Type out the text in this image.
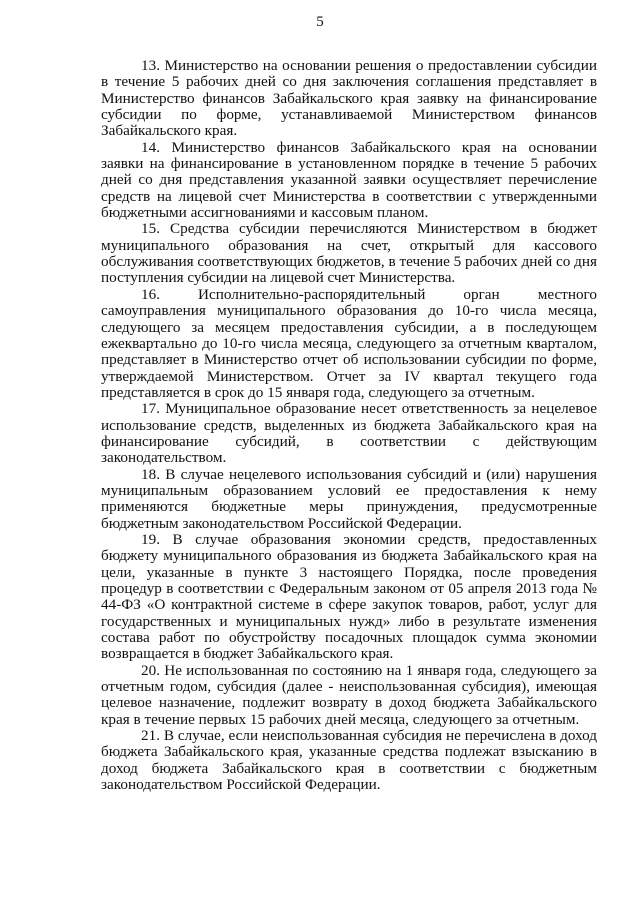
5

13. Министерство на основании решения о предоставлении субсидии в течение 5 рабочих дней со дня заключения соглашения представляет в Министерство финансов Забайкальского края заявку на финансирование субсидии по форме, устанавливаемой Министерством финансов Забайкальского края.

14. Министерство финансов Забайкальского края на основании заявки на финансирование в установленном порядке в течение 5 рабочих дней со дня представления указанной заявки осуществляет перечисление средств на лицевой счет Министерства в соответствии с утвержденными бюджетными ассигнованиями и кассовым планом.

15. Средства субсидии перечисляются Министерством в бюджет муниципального образования на счет, открытый для кассового обслуживания соответствующих бюджетов, в течение 5 рабочих дней со дня поступления субсидии на лицевой счет Министерства.

16. Исполнительно-распорядительный орган местного самоуправления муниципального образования до 10-го числа месяца, следующего за месяцем предоставления субсидии, а в последующем ежеквартально до 10-го числа месяца, следующего за отчетным кварталом, представляет в Министерство отчет об использовании субсидии по форме, утверждаемой Министерством. Отчет за IV квартал текущего года представляется в срок до 15 января года, следующего за отчетным.

17. Муниципальное образование несет ответственность за нецелевое использование средств, выделенных из бюджета Забайкальского края на финансирование субсидий, в соответствии с действующим законодательством.

18. В случае нецелевого использования субсидий и (или) нарушения муниципальным образованием условий ее предоставления к нему применяются бюджетные меры принуждения, предусмотренные бюджетным законодательством Российской Федерации.

19. В случае образования экономии средств, предоставленных бюджету муниципального образования из бюджета Забайкальского края на цели, указанные в пункте 3 настоящего Порядка, после проведения процедур в соответствии с Федеральным законом от 05 апреля 2013 года № 44-ФЗ «О контрактной системе в сфере закупок товаров, работ, услуг для государственных и муниципальных нужд» либо в результате изменения состава работ по обустройству посадочных площадок сумма экономии возвращается в бюджет Забайкальского края.

20. Не использованная по состоянию на 1 января года, следующего за отчетным годом, субсидия (далее - неиспользованная субсидия), имеющая целевое назначение, подлежит возврату в доход бюджета Забайкальского края в течение первых 15 рабочих дней месяца, следующего за отчетным.

21. В случае, если неиспользованная субсидия не перечислена в доход бюджета Забайкальского края, указанные средства подлежат взысканию в доход бюджета Забайкальского края в соответствии с бюджетным законодательством Российской Федерации.
